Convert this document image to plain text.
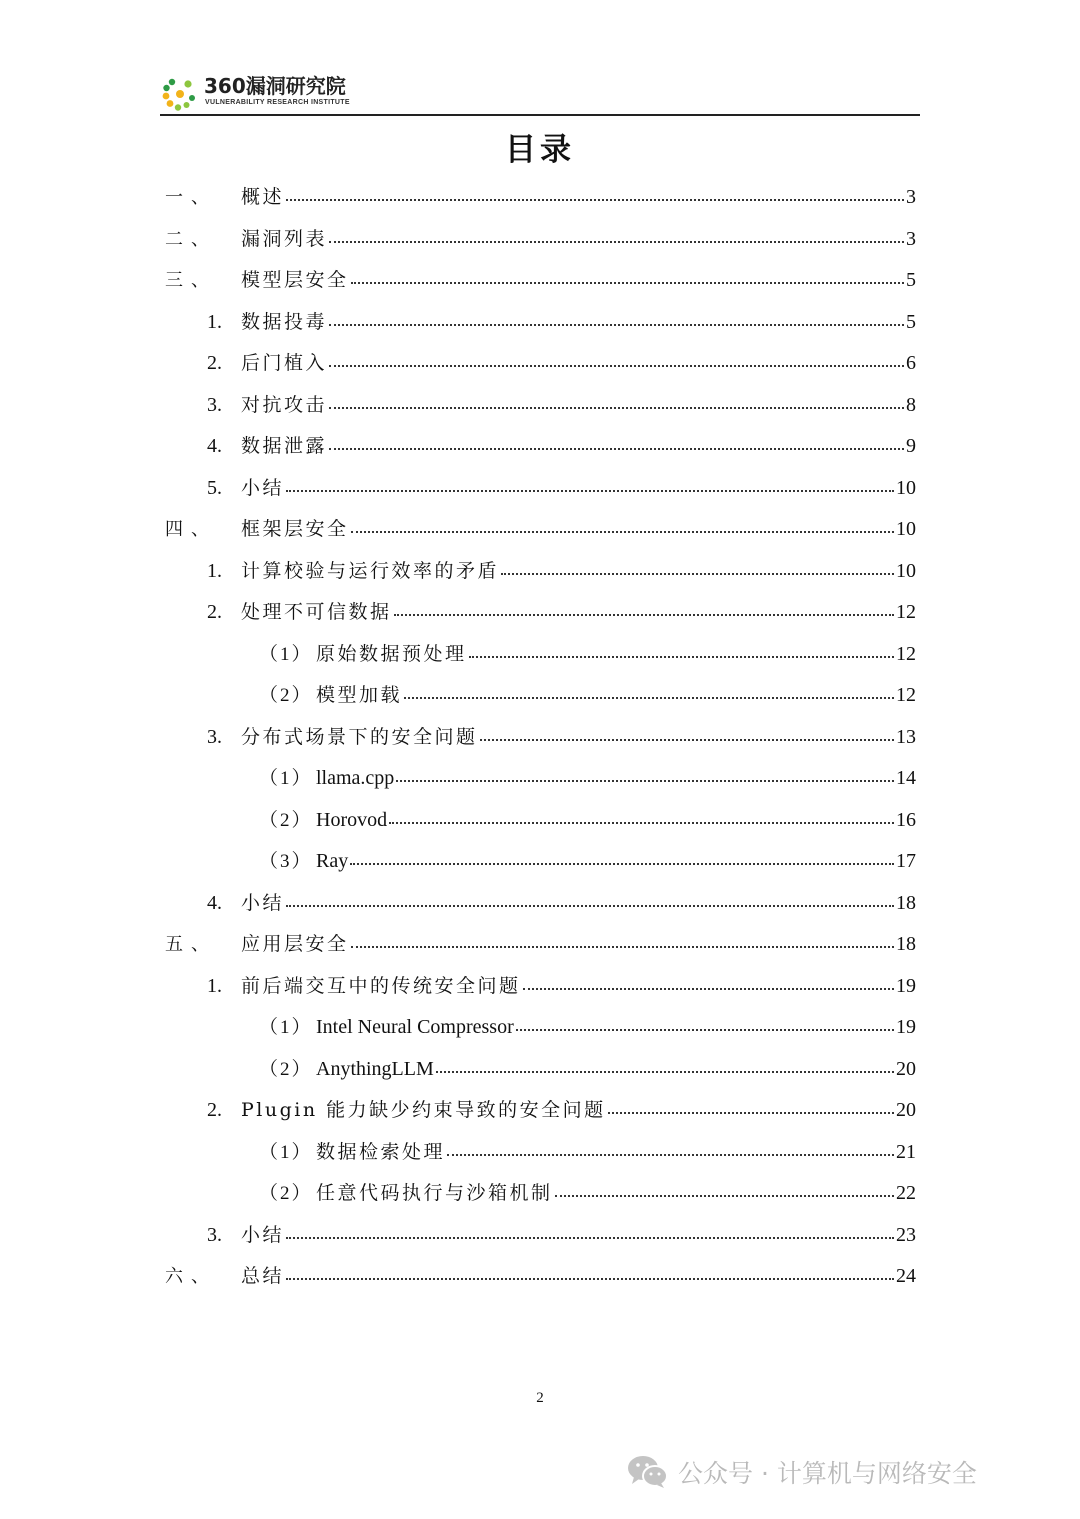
360漏洞研究院
VULNERABILITY RESEARCH INSTITUTE
目录
一、	概述	3
二、	漏洞列表	3
三、	模型层安全	5
1.	数据投毒	5
2.	后门植入	6
3.	对抗攻击	8
4.	数据泄露	9
5.	小结	10
四、	框架层安全	10
1.	计算校验与运行效率的矛盾	10
2.	处理不可信数据	12
（1） 原始数据预处理	12
（2） 模型加载	12
3.	分布式场景下的安全问题	13
（1） llama.cpp	14
（2） Horovod	16
（3） Ray	17
4.	小结	18
五、	应用层安全	18
1.	前后端交互中的传统安全问题	19
（1） Intel Neural Compressor	19
（2） AnythingLLM	20
2.	Plugin 能力缺少约束导致的安全问题	20
（1） 数据检索处理	21
（2） 任意代码执行与沙箱机制	22
3.	小结	23
六、	总结	24
2
公众号 · 计算机与网络安全
